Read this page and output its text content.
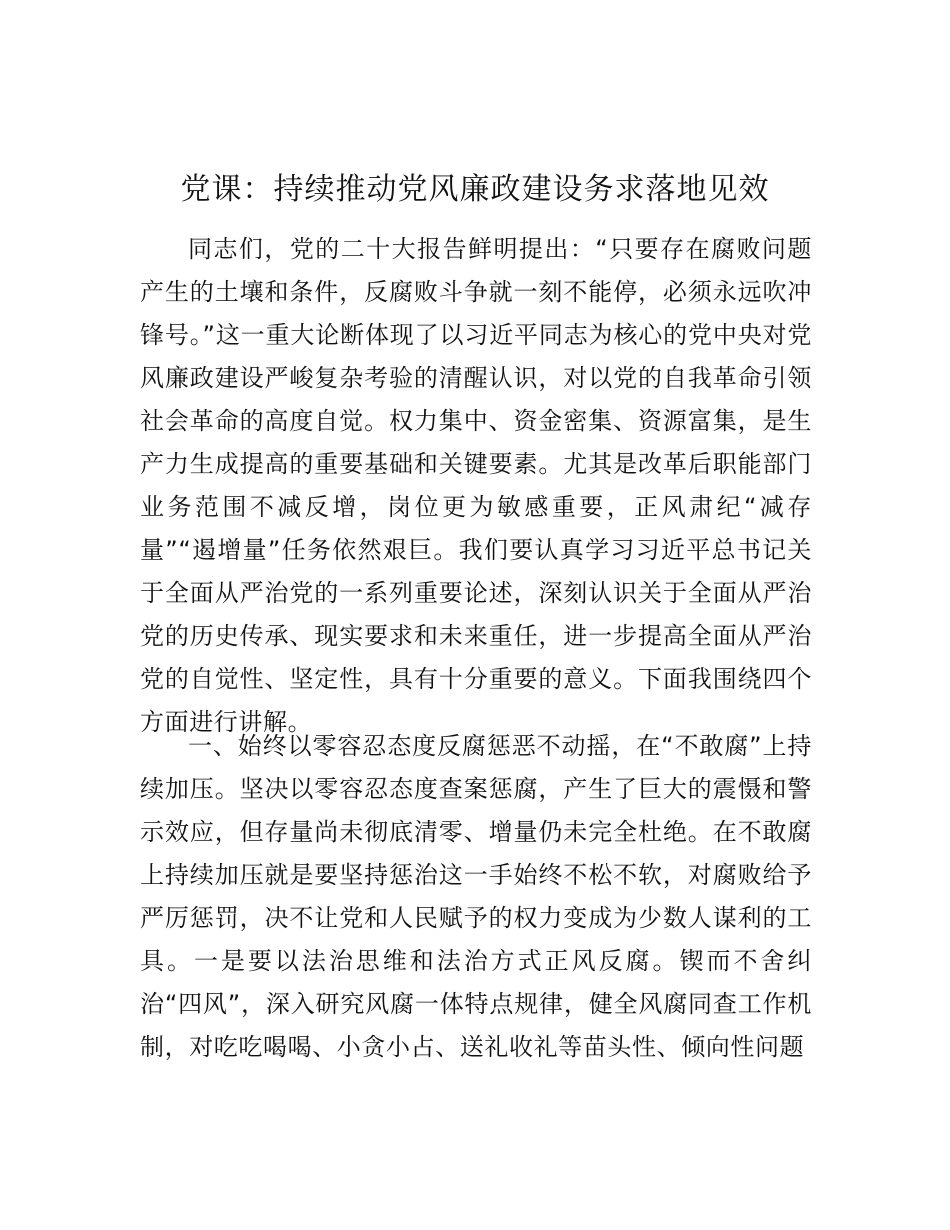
党课：持续推动党风廉政建设务求落地见效

同志们，党的二十大报告鲜明提出：“只要存在腐败问题产生的土壤和条件，反腐败斗争就一刻不能停，必须永远吹冲锋号。”这一重大论断体现了以习近平同志为核心的党中央对党风廉政建设严峻复杂考验的清醒认识，对以党的自我革命引领社会革命的高度自觉。权力集中、资金密集、资源富集，是生产力生成提高的重要基础和关键要素。尤其是改革后职能部门业务范围不减反增，岗位更为敏感重要，正风肃纪“减存量”“遏增量”任务依然艰巨。我们要认真学习习近平总书记关于全面从严治党的一系列重要论述，深刻认识关于全面从严治党的历史传承、现实要求和未来重任，进一步提高全面从严治党的自觉性、坚定性，具有十分重要的意义。下面我围绕四个方面进行讲解。

一、始终以零容忍态度反腐惩恶不动摇，在“不敢腐”上持续加压。坚决以零容忍态度查案惩腐，产生了巨大的震慑和警示效应，但存量尚未彻底清零、增量仍未完全杜绝。在不敢腐上持续加压就是要坚持惩治这一手始终不松不软，对腐败给予严厉惩罚，决不让党和人民赋予的权力变成为少数人谋利的工具。一是要以法治思维和法治方式正风反腐。锲而不舍纠治“四风”，深入研究风腐一体特点规律，健全风腐同查工作机制，对吃吃喝喝、小贪小占、送礼收礼等苗头性、倾向性问题
